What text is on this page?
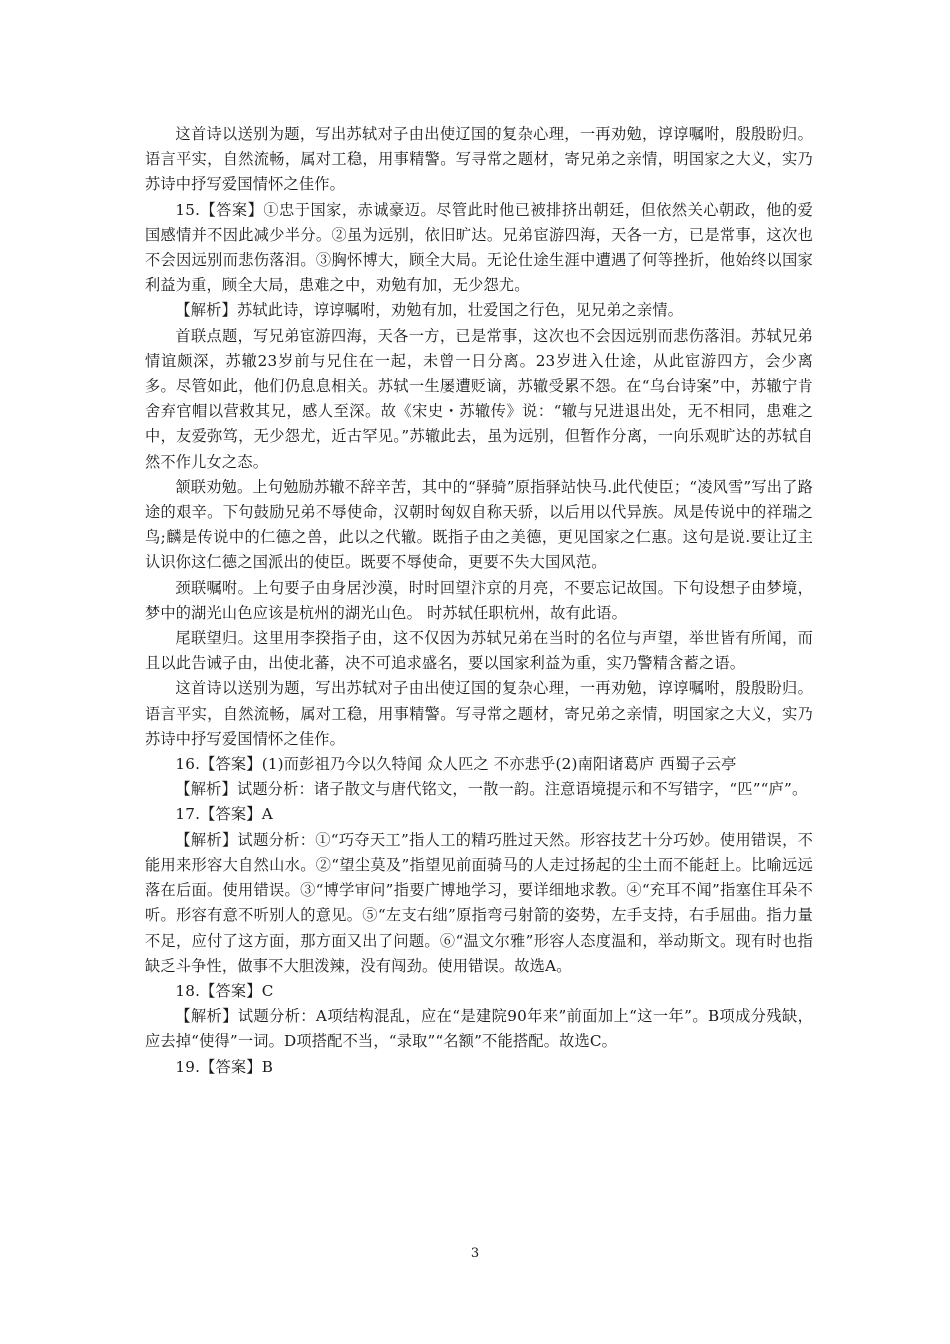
这首诗以送别为题，写出苏轼对子由出使辽国的复杂心理，一再劝勉，谆谆嘱咐，殷殷盼归。语言平实，自然流畅，属对工稳，用事精警。写寻常之题材，寄兄弟之亲情，明国家之大义，实乃苏诗中抒写爱国情怀之佳作。

15.【答案】①忠于国家，赤诚豪迈。尽管此时他已被排挤出朝廷，但依然关心朝政，他的爱国感情并不因此减少半分。②虽为远别，依旧旷达。兄弟宦游四海，天各一方，已是常事，这次也不会因远别而悲伤落泪。③胸怀博大，顾全大局。无论仕途生涯中遭遇了何等挫折，他始终以国家利益为重，顾全大局，患难之中，劝勉有加，无少怨尤。

【解析】苏轼此诗，谆谆嘱咐，劝勉有加，壮爱国之行色，见兄弟之亲情。

首联点题，写兄弟宦游四海，天各一方，已是常事，这次也不会因远别而悲伤落泪。苏轼兄弟情谊颇深，苏辙23岁前与兄住在一起，未曾一日分离。23岁进入仕途，从此宦游四方，会少离多。尽管如此，他们仍息息相关。苏轼一生屡遭贬谪，苏辙受累不怨。在“乌台诗案”中，苏辙宁肯舍弃官帽以营救其兄，感人至深。故《宋史・苏辙传》说：“辙与兄进退出处，无不相同，患难之中，友爱弥笃，无少怨尤，近古罕见。”苏辙此去，虽为远别，但暂作分离，一向乐观旷达的苏轼自然不作儿女之态。

颔联劝勉。上句勉励苏辙不辞辛苦，其中的“驿骑”原指驿站快马.此代使臣；“凌风雪”写出了路途的艰辛。下句鼓励兄弟不辱使命，汉朝时匈奴自称天骄，以后用以代异族。凤是传说中的祥瑞之鸟;麟是传说中的仁德之兽，此以之代辙。既指子由之美德，更见国家之仁惠。这句是说.要让辽主认识你这仁德之国派出的使臣。既要不辱使命，更要不失大国风范。

颈联嘱咐。上句要子由身居沙漠，时时回望汴京的月亮，不要忘记故国。下句设想子由梦境，梦中的湖光山色应该是杭州的湖光山色。 时苏轼任职杭州，故有此语。

尾联望归。这里用李揆指子由，这不仅因为苏轼兄弟在当时的名位与声望，举世皆有所闻，而且以此告诫子由，出使北蕃，决不可追求盛名，要以国家利益为重，实乃警精含蓄之语。

这首诗以送别为题，写出苏轼对子由出使辽国的复杂心理，一再劝勉，谆谆嘱咐，殷殷盼归。语言平实，自然流畅，属对工稳，用事精警。写寻常之题材，寄兄弟之亲情，明国家之大义，实乃苏诗中抒写爱国情怀之佳作。

16.【答案】(1)而彭祖乃今以久特闻 众人匹之 不亦悲乎(2)南阳诸葛庐 西蜀子云亭

【解析】试题分析：诸子散文与唐代铭文，一散一韵。注意语境提示和不写错字，“匹”“庐”。

17.【答案】A

【解析】试题分析：①“巧夺天工”指人工的精巧胜过天然。形容技艺十分巧妙。使用错误，不能用来形容大自然山水。②“望尘莫及”指望见前面骑马的人走过扬起的尘土而不能赶上。比喻远远落在后面。使用错误。③“博学审问”指要广博地学习，要详细地求教。④“充耳不闻”指塞住耳朵不听。形容有意不听别人的意见。⑤“左支右绌”原指弯弓射箭的姿势，左手支持，右手屈曲。指力量不足，应付了这方面，那方面又出了问题。⑥“温文尔雅”形容人态度温和，举动斯文。现有时也指缺乏斗争性，做事不大胆泼辣，没有闯劲。使用错误。故选A。

18.【答案】C

【解析】试题分析：A项结构混乱，应在“是建院90年来”前面加上“这一年”。B项成分残缺，应去掉“使得”一词。D项搭配不当，“录取”“名额”不能搭配。故选C。

19.【答案】B

3
